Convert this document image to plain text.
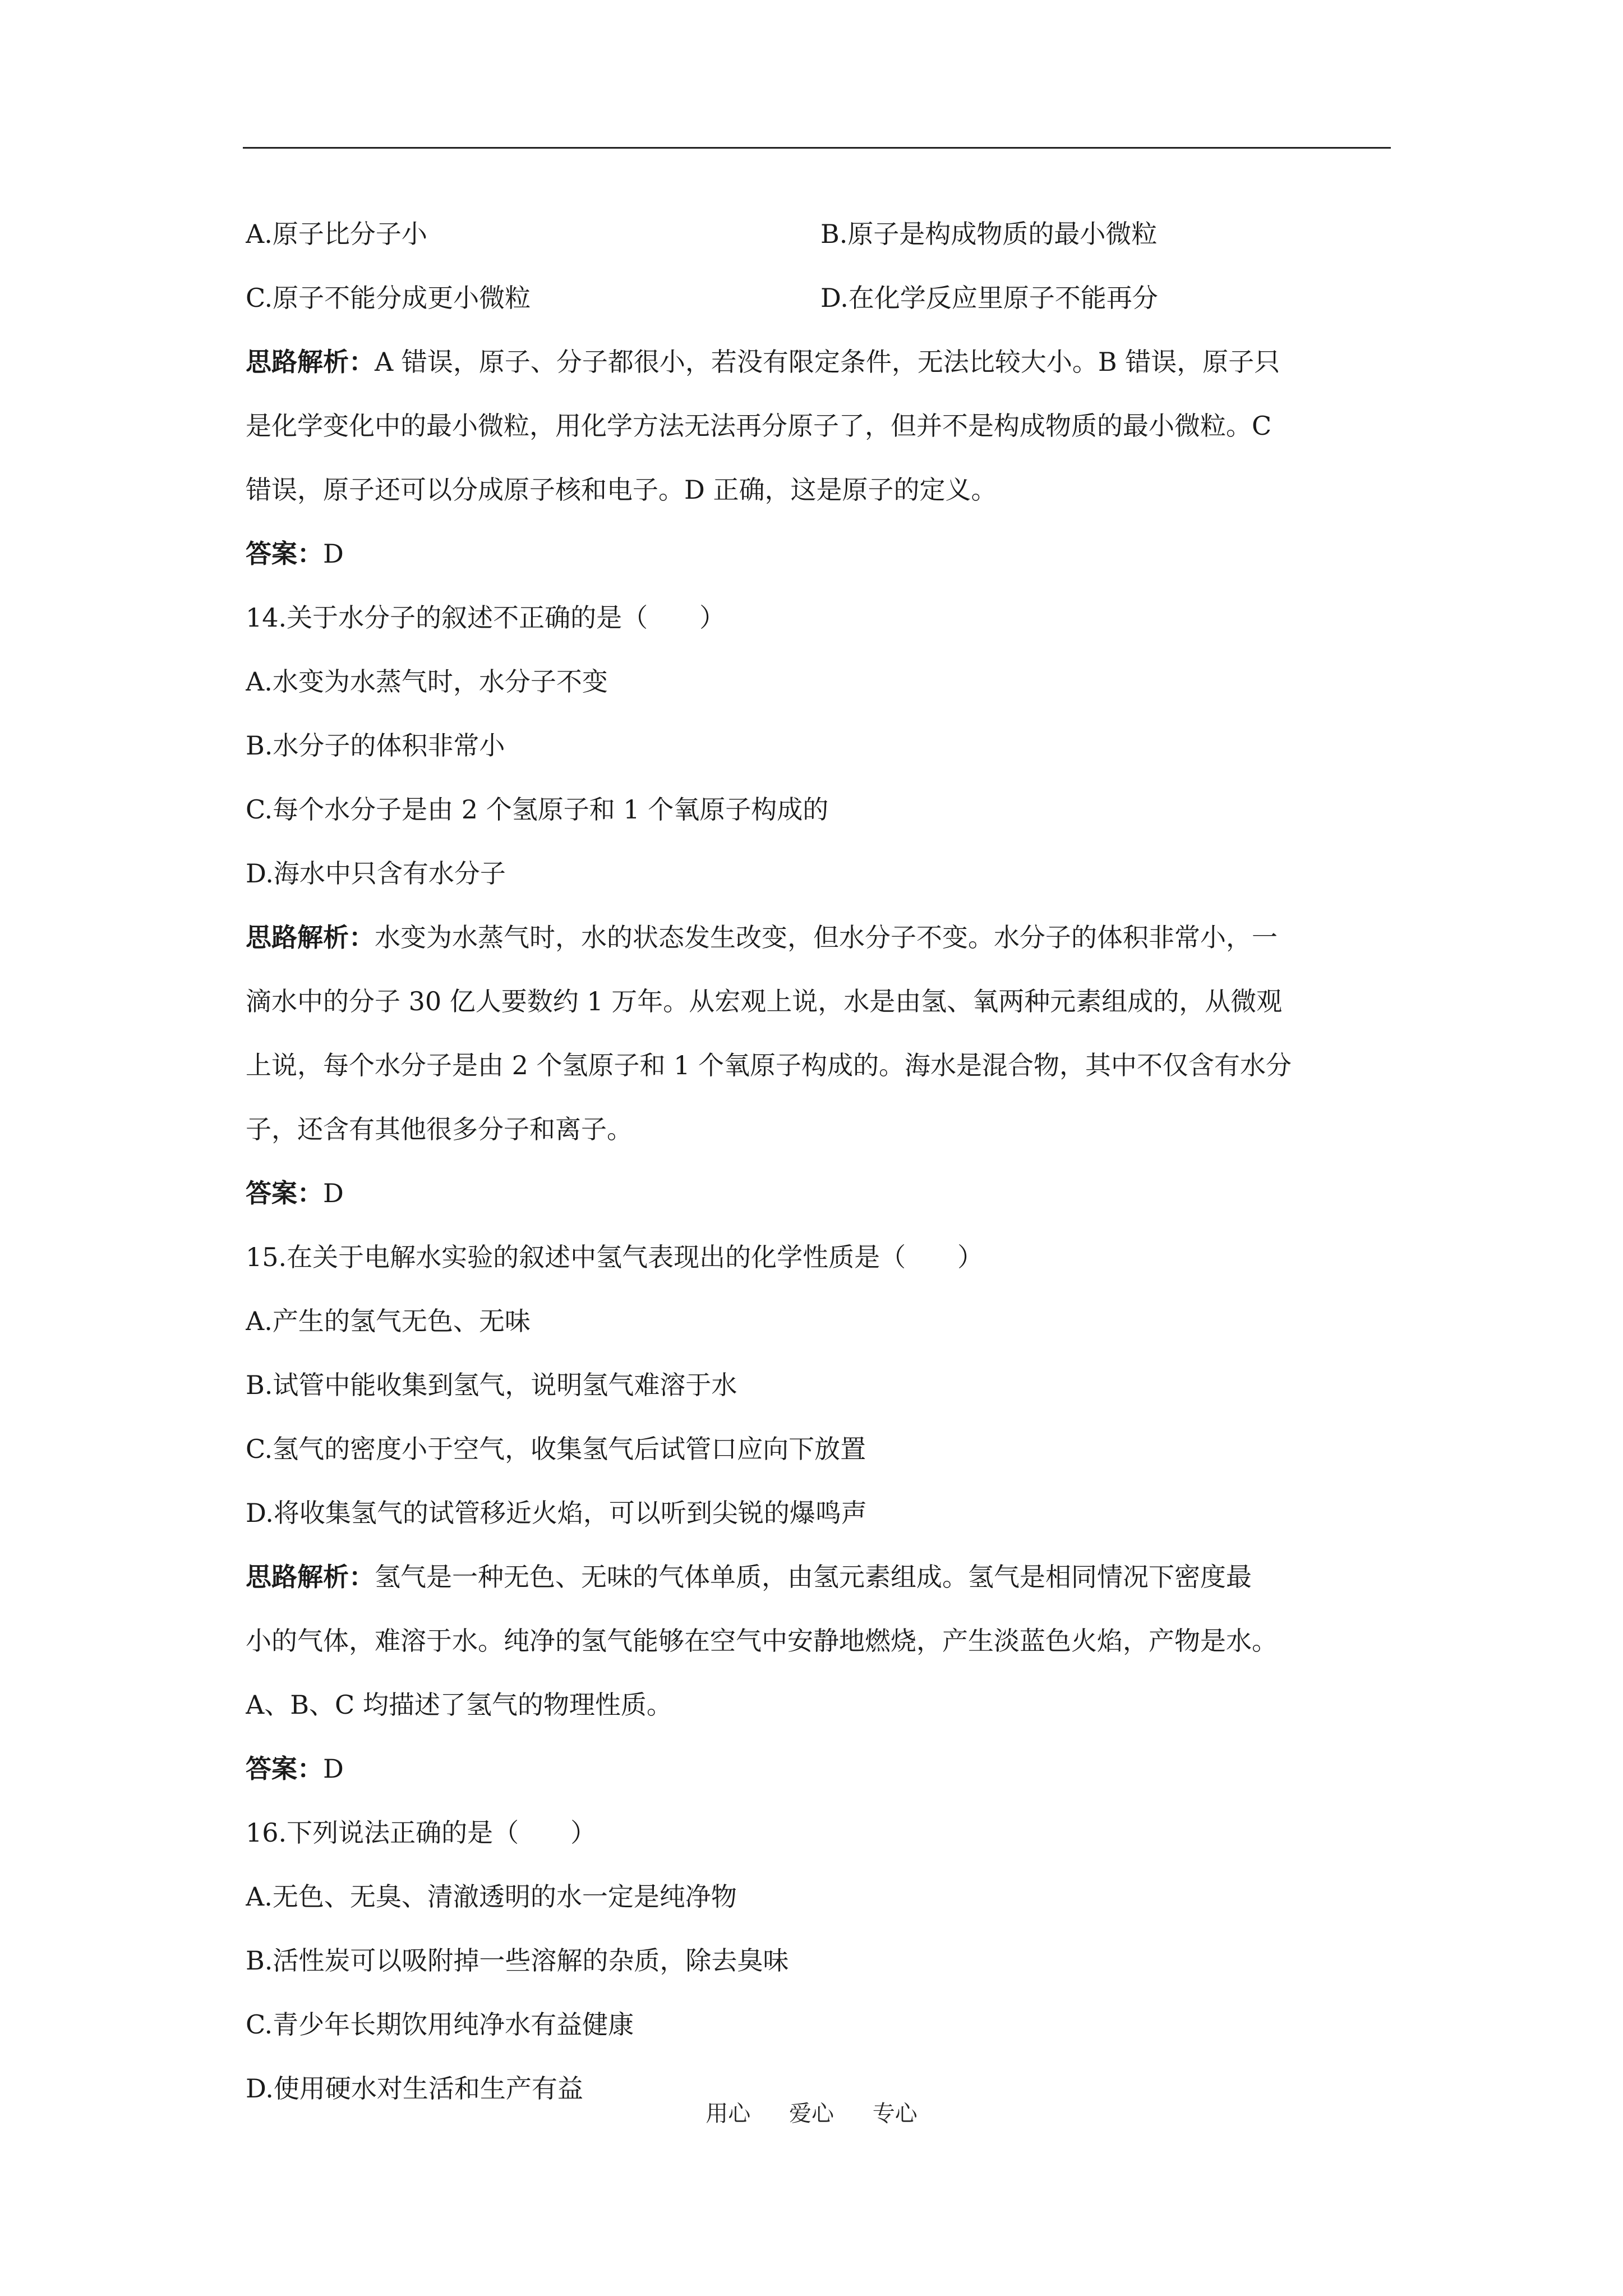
A.原子比分子小	B.原子是构成物质的最小微粒
C.原子不能分成更小微粒	D.在化学反应里原子不能再分
思路解析：A 错误，原子、分子都很小，若没有限定条件，无法比较大小。B 错误，原子只
是化学变化中的最小微粒，用化学方法无法再分原子了，但并不是构成物质的最小微粒。C
错误，原子还可以分成原子核和电子。D 正确，这是原子的定义。
答案：D
14.关于水分子的叙述不正确的是（　　）
A.水变为水蒸气时，水分子不变
B.水分子的体积非常小
C.每个水分子是由 2 个氢原子和 1 个氧原子构成的
D.海水中只含有水分子
思路解析：水变为水蒸气时，水的状态发生改变，但水分子不变。水分子的体积非常小，一
滴水中的分子 30 亿人要数约 1 万年。从宏观上说，水是由氢、氧两种元素组成的，从微观
上说，每个水分子是由 2 个氢原子和 1 个氧原子构成的。海水是混合物，其中不仅含有水分
子，还含有其他很多分子和离子。
答案：D
15.在关于电解水实验的叙述中氢气表现出的化学性质是（　　）
A.产生的氢气无色、无味
B.试管中能收集到氢气，说明氢气难溶于水
C.氢气的密度小于空气，收集氢气后试管口应向下放置
D.将收集氢气的试管移近火焰，可以听到尖锐的爆鸣声
思路解析：氢气是一种无色、无味的气体单质，由氢元素组成。氢气是相同情况下密度最
小的气体，难溶于水。纯净的氢气能够在空气中安静地燃烧，产生淡蓝色火焰，产物是水。
A、B、C 均描述了氢气的物理性质。
答案：D
16.下列说法正确的是（　　）
A.无色、无臭、清澈透明的水一定是纯净物
B.活性炭可以吸附掉一些溶解的杂质，除去臭味
C.青少年长期饮用纯净水有益健康
D.使用硬水对生活和生产有益
用心 爱心 专心
